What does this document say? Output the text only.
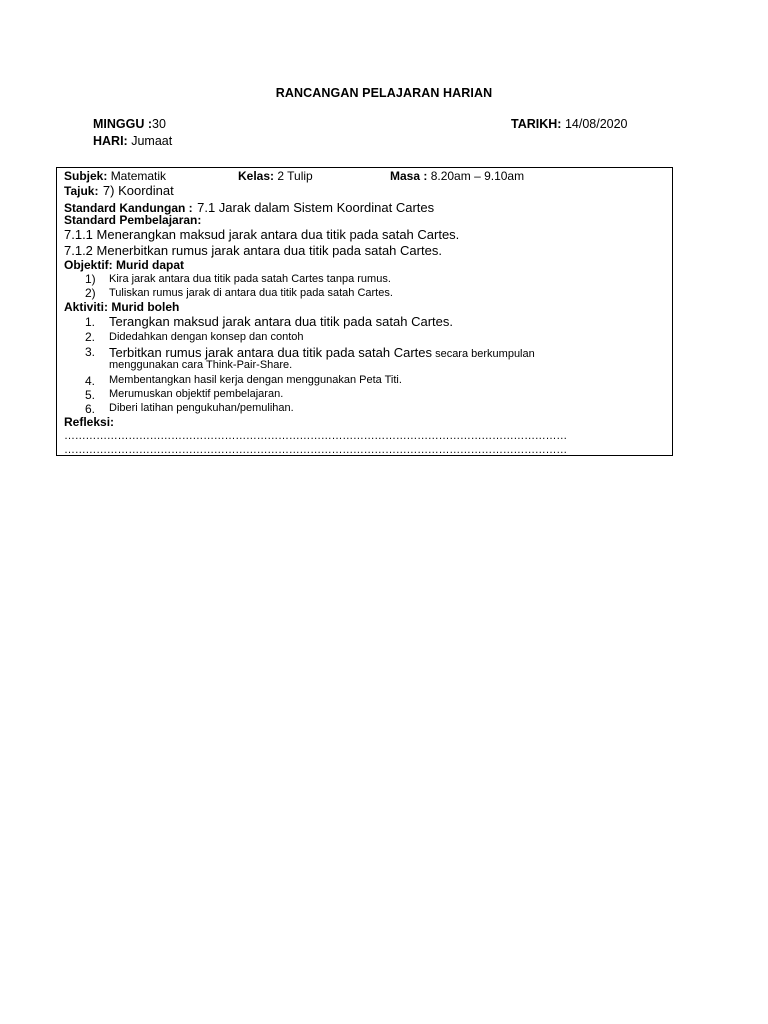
RANCANGAN PELAJARAN HARIAN
MINGGU :30
HARI: Jumaat
TARIKH: 14/08/2020
Subjek: Matematik	Kelas: 2 Tulip	Masa : 8.20am – 9.10am
Tajuk: 7) Koordinat
Standard Kandungan : 7.1 Jarak dalam Sistem Koordinat Cartes
Standard Pembelajaran:
7.1.1 Menerangkan maksud jarak antara dua titik pada satah Cartes.
7.1.2 Menerbitkan rumus jarak antara dua titik pada satah Cartes.
Objektif: Murid dapat
1) Kira jarak antara dua titik pada satah Cartes tanpa rumus.
2) Tuliskan rumus jarak di antara dua titik pada satah Cartes.
Aktiviti: Murid boleh
1. Terangkan maksud jarak antara dua titik pada satah Cartes.
2. Didedahkan dengan konsep dan contoh
3. Terbitkan rumus jarak antara dua titik pada satah Cartes secara berkumpulan
menggunakan cara Think-Pair-Share.
4. Membentangkan hasil kerja dengan menggunakan Peta Titi.
5. Merumuskan objektif pembelajaran.
6. Diberi latihan pengukuhan/pemulihan.
Refleksi:
……………………………………………………………………………………………………………………………
……………………………………………………………………………………………………………………………
